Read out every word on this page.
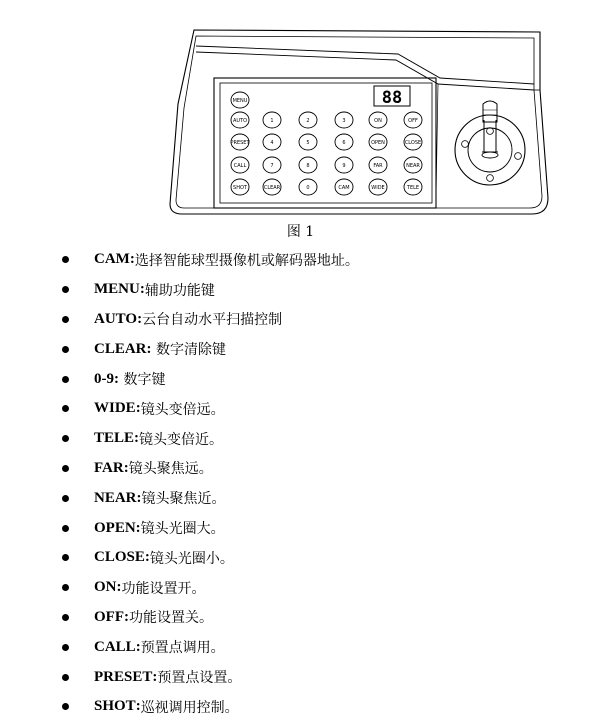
88
MENU
AUTO	1	2	3	ON	OFF
PRESET	4	5	6	OPEN	CLOSE
CALL	7	8	9	FAR	NEAR
SHOT	CLEAR	0	CAM	WIDE	TELE
图 1
CAM : 选择智能球型摄像机或解码器地址。
MENU : 辅助功能键
AUTO : 云台自动水平扫描控制
CLEAR : 数字清除键
0-9 : 数字键
WIDE : 镜头变倍远。
TELE : 镜头变倍近。
FAR : 镜头聚焦远。
NEAR : 镜头聚焦近。
OPEN : 镜头光圈大。
CLOSE : 镜头光圈小。
ON : 功能设置开。
OFF : 功能设置关。
CALL : 预置点调用。
PRESET : 预置点设置。
SHOT : 巡视调用控制。
